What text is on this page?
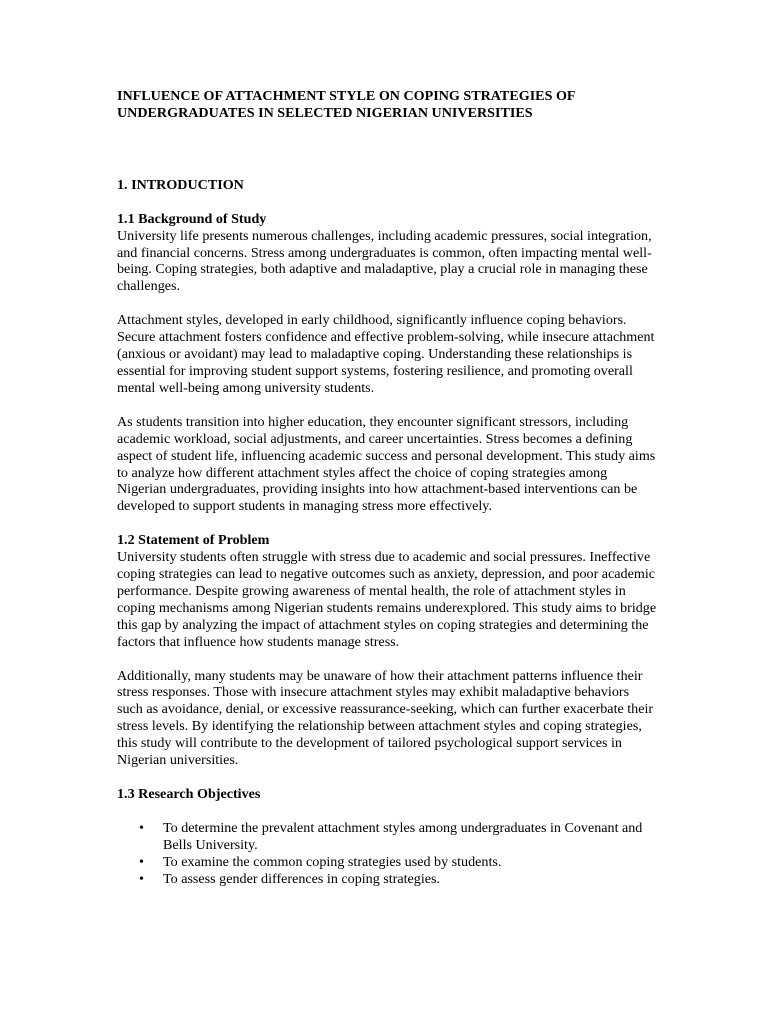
INFLUENCE OF ATTACHMENT STYLE ON COPING STRATEGIES OF UNDERGRADUATES IN SELECTED NIGERIAN UNIVERSITIES

1. INTRODUCTION

1.1 Background of Study

University life presents numerous challenges, including academic pressures, social integration, and financial concerns. Stress among undergraduates is common, often impacting mental well-being. Coping strategies, both adaptive and maladaptive, play a crucial role in managing these challenges.

Attachment styles, developed in early childhood, significantly influence coping behaviors. Secure attachment fosters confidence and effective problem-solving, while insecure attachment (anxious or avoidant) may lead to maladaptive coping. Understanding these relationships is essential for improving student support systems, fostering resilience, and promoting overall mental well-being among university students.

As students transition into higher education, they encounter significant stressors, including academic workload, social adjustments, and career uncertainties. Stress becomes a defining aspect of student life, influencing academic success and personal development. This study aims to analyze how different attachment styles affect the choice of coping strategies among Nigerian undergraduates, providing insights into how attachment-based interventions can be developed to support students in managing stress more effectively.

1.2 Statement of Problem

University students often struggle with stress due to academic and social pressures. Ineffective coping strategies can lead to negative outcomes such as anxiety, depression, and poor academic performance. Despite growing awareness of mental health, the role of attachment styles in coping mechanisms among Nigerian students remains underexplored. This study aims to bridge this gap by analyzing the impact of attachment styles on coping strategies and determining the factors that influence how students manage stress.

Additionally, many students may be unaware of how their attachment patterns influence their stress responses. Those with insecure attachment styles may exhibit maladaptive behaviors such as avoidance, denial, or excessive reassurance-seeking, which can further exacerbate their stress levels. By identifying the relationship between attachment styles and coping strategies, this study will contribute to the development of tailored psychological support services in Nigerian universities.

1.3 Research Objectives

• To determine the prevalent attachment styles among undergraduates in Covenant and Bells University.
• To examine the common coping strategies used by students.
• To assess gender differences in coping strategies.
